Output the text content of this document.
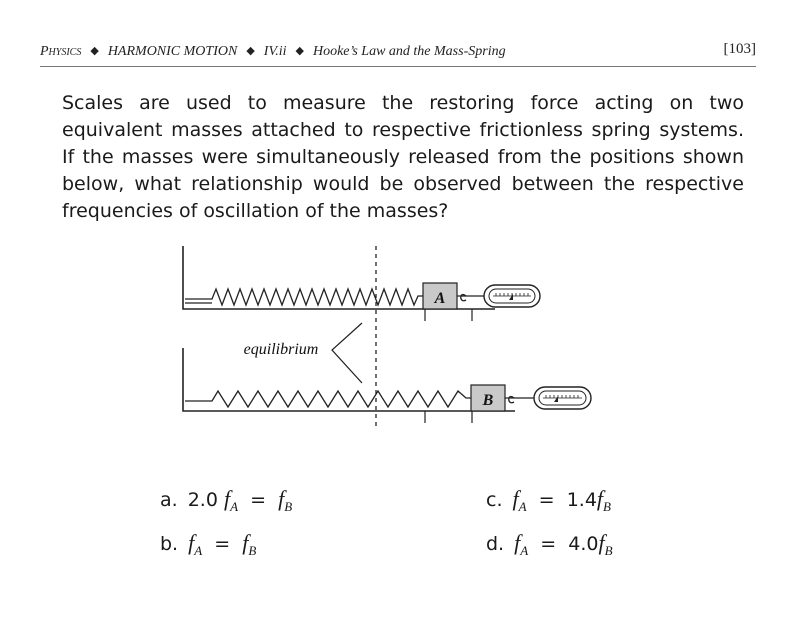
Physics ◆ HARMONIC MOTION ◆ IV.ii ◆ Hooke’s Law and the Mass-Spring	[103]
Scales are used to measure the restoring force acting on two equivalent masses attached to respective frictionless spring systems. If the masses were simultaneously released from the positions shown below, what relationship would be observed between the respective frequencies of oscillation of the masses?
A
equilibrium
B
a. 2.0 $f_A = f_B$
b. $f_A = f_B$
c. $f_A = 1.4f_B$
d. $f_A = 4.0f_B$
